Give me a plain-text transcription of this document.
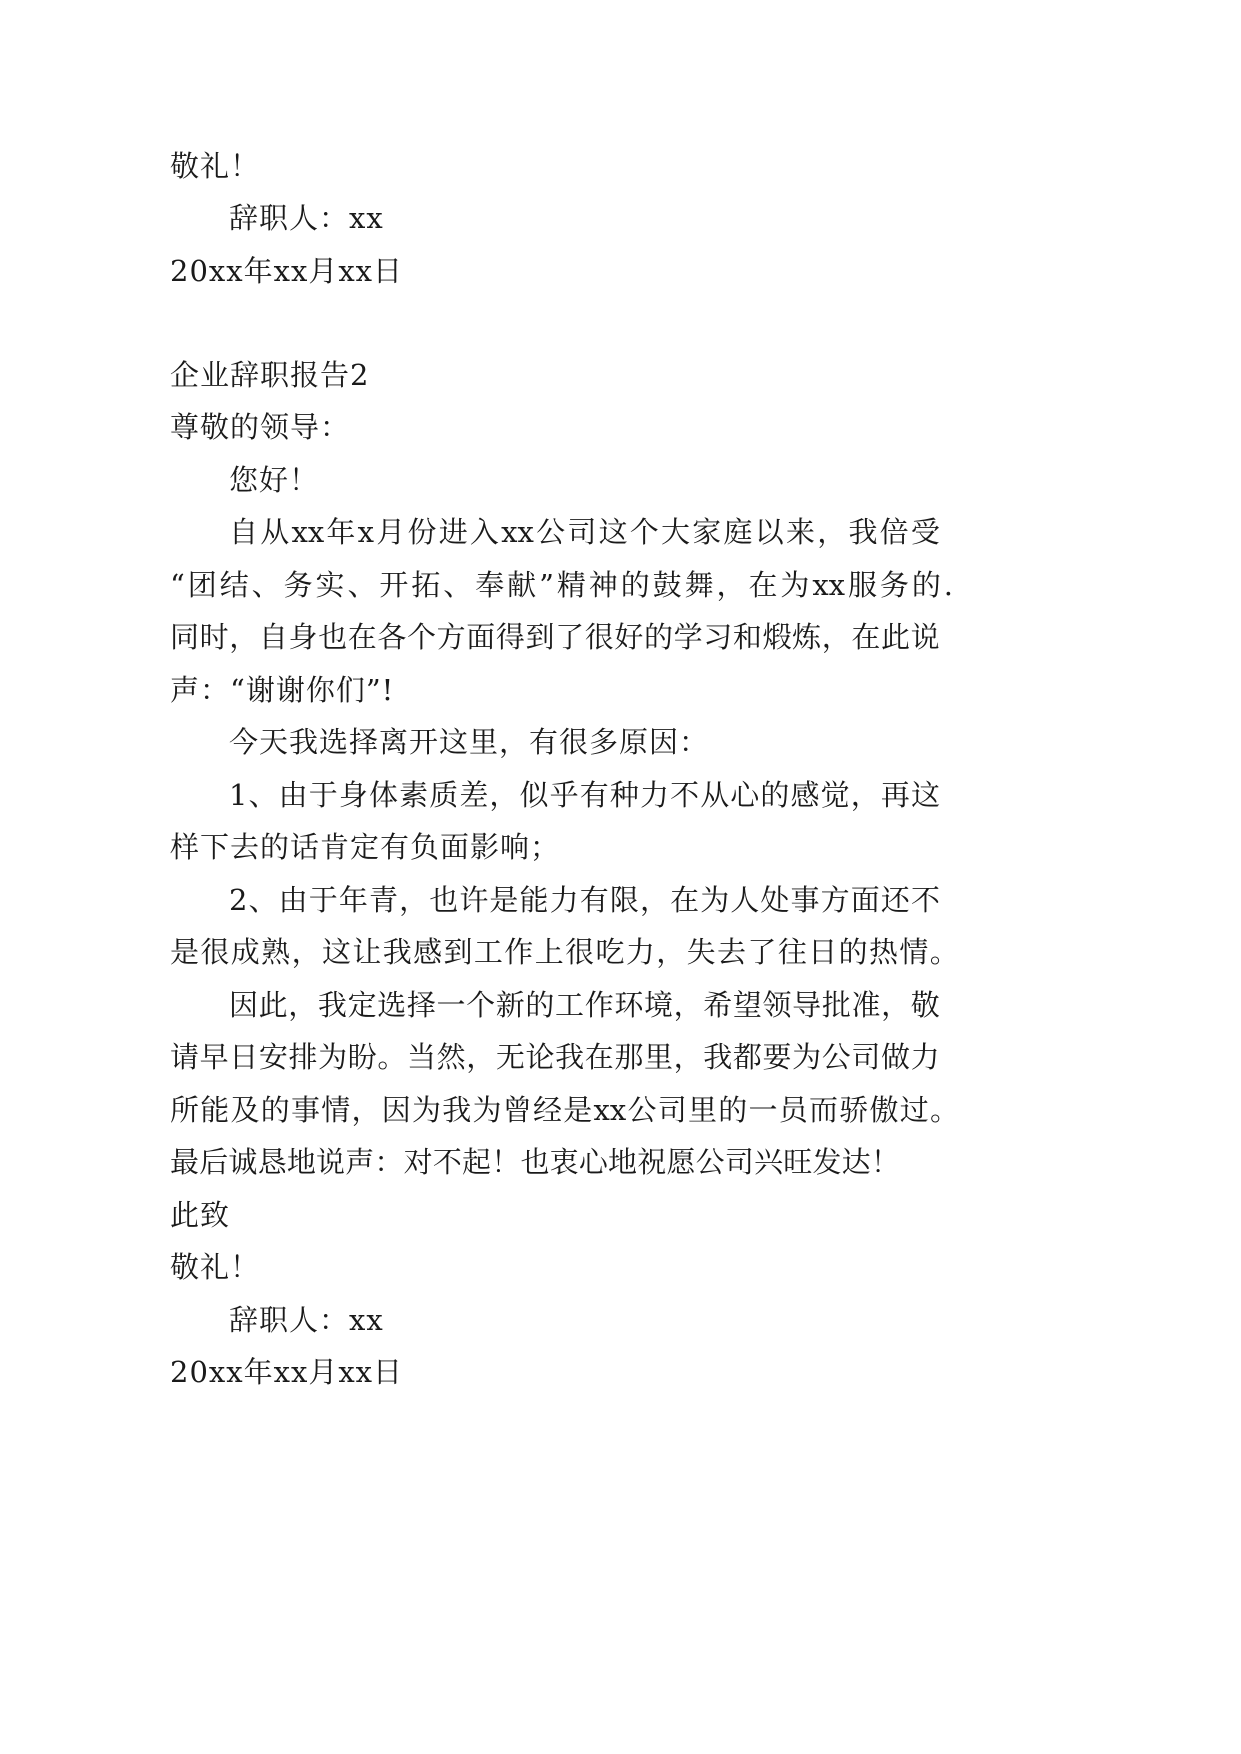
敬礼！
辞职人：xx
20xx年xx月xx日
企业辞职报告2
尊敬的领导：
您好！
自 从 xx 年 x 月 份 进 入 xx 公 司 这 个 大 家 庭 以 来 ， 我 倍 受
“ 团 结 、 务 实 、 开 拓 、 奉 献 ” 精 神 的 鼓 舞 ， 在 为 xx 服 务 的 .
同 时 ， 自 身 也 在 各 个 方 面 得 到 了 很 好 的 学 习 和 煅 炼 ， 在 此 说
声：“谢谢你们”!
今天我选择离开这里，有很多原因：
1 、 由 于 身 体 素 质 差 ， 似 乎 有 种 力 不 从 心 的 感 觉 ， 再 这
样下去的话肯定有负面影响；
2 、 由 于 年 青 ， 也 许 是 能 力 有 限 ， 在 为 人 处 事 方 面 还 不
是 很 成 熟 ， 这 让 我 感 到 工 作 上 很 吃 力 ， 失 去 了 往 日 的 热 情 。
因 此 ， 我 定 选 择 一 个 新 的 工 作 环 境 ， 希 望 领 导 批 准 ， 敬
请 早 日 安 排 为 盼 。 当 然 ， 无 论 我 在 那 里 ， 我 都 要 为 公 司 做 力
所 能 及 的 事 情 ， 因 为 我 为 曾 经 是 xx 公 司 里 的 一 员 而 骄 傲 过 。
最 后 诚 恳 地 说 声 ： 对 不 起 ！ 也 衷 心 地 祝 愿 公 司 兴 旺 发 达 ！
此致
敬礼！
辞职人：xx
20xx年xx月xx日
